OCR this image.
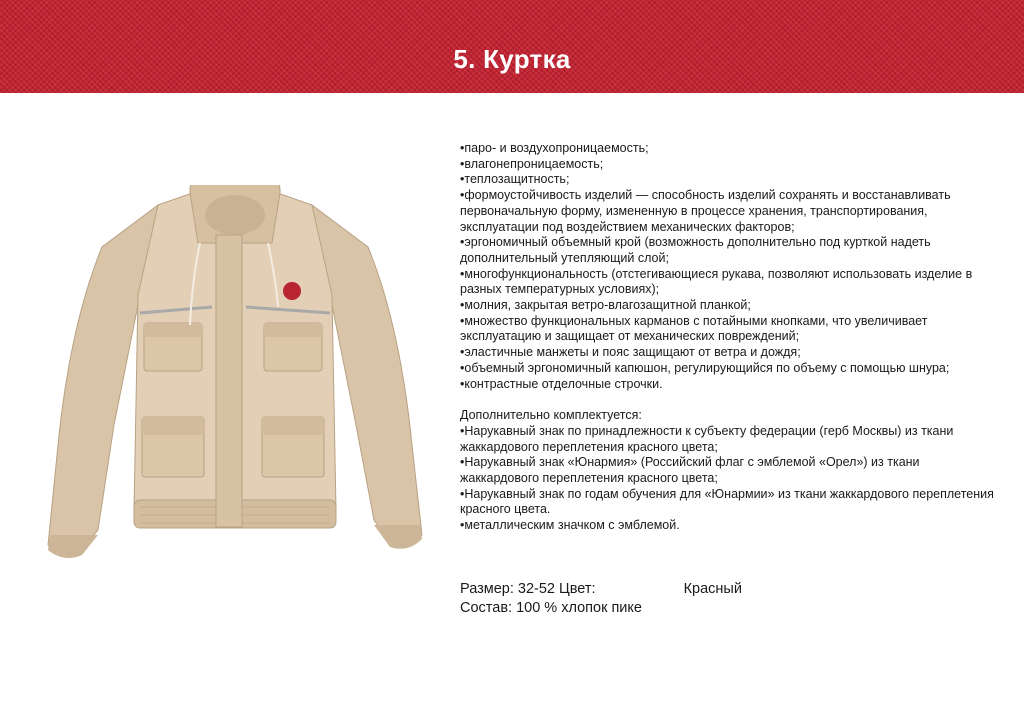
5. Куртка

•паро- и воздухопроницаемость;

•влагонепроницаемость;

•теплозащитность;

•формоустойчивость изделий — способность изделий сохранять и восстанавливать первоначальную форму, измененную в процессе хранения, транспортирования, эксплуатации под воздействием механических факторов;

•эргономичный объемный крой (возможность дополнительно под курткой надеть дополнительный утепляющий слой;

•многофункциональность (отстегивающиеся рукава, позволяют использовать изделие в разных температурных условиях);

•молния, закрытая ветро-влагозащитной планкой;

•множество функциональных карманов с потайными кнопками, что увеличивает эксплуатацию и защищает от механических повреждений;

•эластичные манжеты и пояс защищают от ветра и дождя;

•объемный эргономичный капюшон, регулирующийся по объему с помощью шнура;

•контрастные отделочные строчки.

Дополнительно комплектуется:

•Нарукавный знак по принадлежности к субъекту федерации (герб Москвы) из ткани жаккардового переплетения красного цвета;

•Нарукавный знак «Юнармия» (Российский флаг с эмблемой «Орел») из ткани жаккардового переплетения красного цвета;

•Нарукавный знак по годам обучения для «Юнармии» из ткани жаккардового переплетения красного цвета.

•металлическим значком с эмблемой.

Размер: 32-52 Цвет:	Красный
Состав: 100 % хлопок пике
